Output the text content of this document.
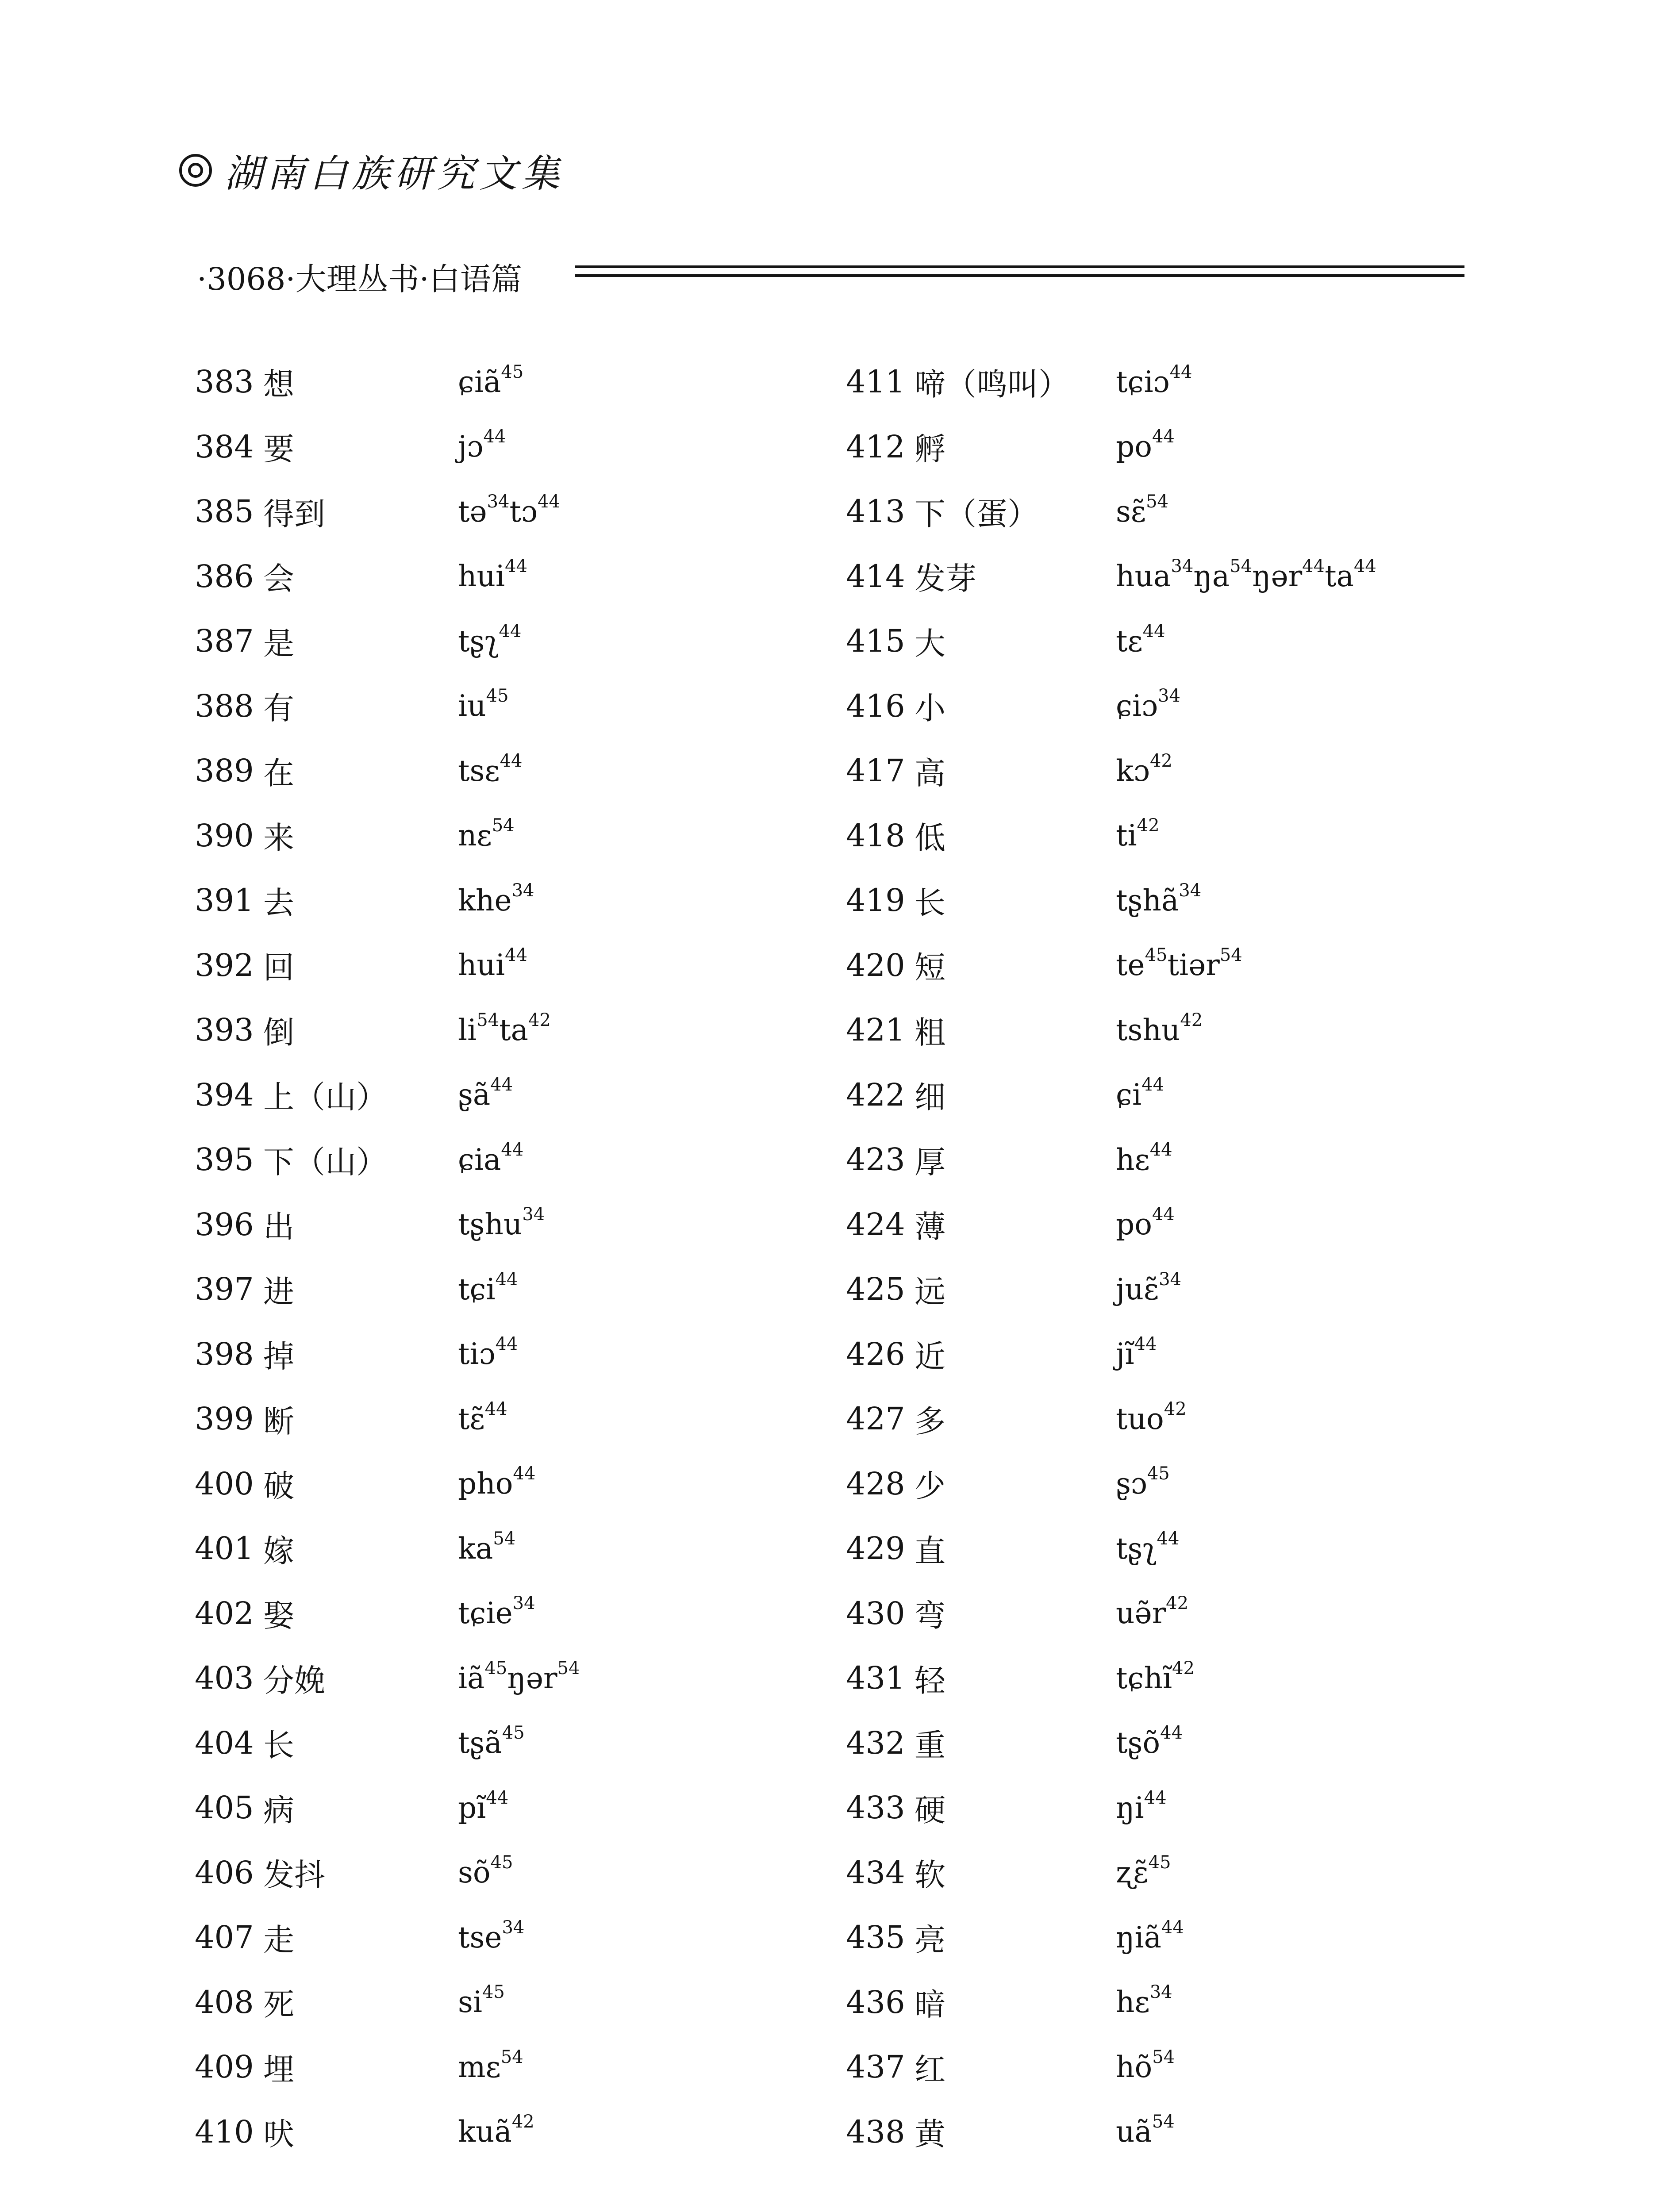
湖南白族研究文集
·3068·大理丛书·白语篇
383 想	ɕiã$^{45}$
384 要	jɔ$^{44}$
385 得到	tə$^{34}$tɔ$^{44}$
386 会	hui$^{44}$
387 是	tʂʅ$^{44}$
388 有	$iu^{45}$
389 在	tsɛ$^{44}$
390 来	nɛ$^{54}$
391 去	khe$^{34}$
392 回	hui$^{44}$
393 倒	$li^{54}ta^{42}$
394 上（山）	ʂã$^{44}$
395 下（山）	ɕia$^{44}$
396 出	tʂhu$^{34}$
397 进	tɕi$^{44}$
398 掉	tiɔ$^{44}$
399 断	tɛ̃$^{44}$
400 破	pho$^{44}$
401 嫁	$ka^{54}$
402 娶	tɕie$^{34}$
403 分娩	$iã^{45}ŋər^{54}$
404 长	tʂã$^{45}$
405 病	$pĩ^{44}$
406 发抖	$sõ^{45}$
407 走	tse$^{34}$
408 死	$si^{45}$
409 埋	mɛ$^{54}$
410 吠	kuã$^{42}$
411 啼（鸣叫）	tɕiɔ$^{44}$
412 孵	$po^{44}$
413 下（蛋）	sɛ̃$^{54}$
414 发芽	$hua^{34}ŋa^{54}ŋər^{44}ta^{44}$
415 大	tɛ$^{44}$
416 小	ɕiɔ$^{34}$
417 高	kɔ$^{42}$
418 低	$ti^{42}$
419 长	tʂhã$^{34}$
420 短	$te^{45}tiər^{54}$
421 粗	tshu$^{42}$
422 细	ɕi$^{44}$
423 厚	hɛ$^{44}$
424 薄	$po^{44}$
425 远	juɛ̃$^{34}$
426 近	$jĩ^{44}$
427 多	tuo$^{42}$
428 少	ʂɔ$^{45}$
429 直	tʂʅ$^{44}$
430 弯	$uə̃r^{42}$
431 轻	tɕhĩ$^{42}$
432 重	tʂõ$^{44}$
433 硬	$ŋi^{44}$
434 软	ʐɛ̃$^{45}$
435 亮	ŋiã$^{44}$
436 暗	hɛ$^{34}$
437 红	$hõ^{54}$
438 黄	$uã^{54}$
